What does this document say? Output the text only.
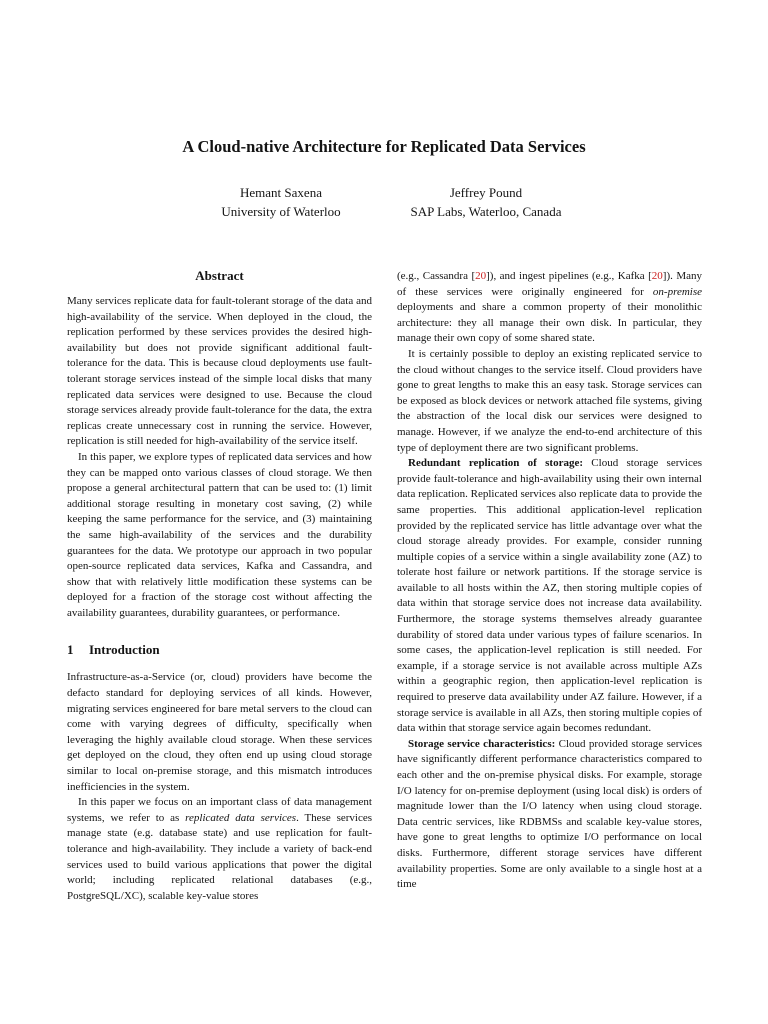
A Cloud-native Architecture for Replicated Data Services
Hemant Saxena
University of Waterloo
Jeffrey Pound
SAP Labs, Waterloo, Canada
Abstract

Many services replicate data for fault-tolerant storage of the data and high-availability of the service. When deployed in the cloud, the replication performed by these services provides the desired high-availability but does not provide significant additional fault-tolerance for the data. This is because cloud deployments use fault-tolerant storage services instead of the simple local disks that many replicated data services were designed to use. Because the cloud storage services already provide fault-tolerance for the data, the extra replicas create unnecessary cost in running the service. However, replication is still needed for high-availability of the service itself.

In this paper, we explore types of replicated data services and how they can be mapped onto various classes of cloud storage. We then propose a general architectural pattern that can be used to: (1) limit additional storage resulting in monetary cost saving, (2) while keeping the same performance for the service, and (3) maintaining the same high-availability of the services and the durability guarantees for the data. We prototype our approach in two popular open-source replicated data services, Kafka and Cassandra, and show that with relatively little modification these systems can be deployed for a fraction of the storage cost without affecting the availability guarantees, durability guarantees, or performance.

1 Introduction

Infrastructure-as-a-Service (or, cloud) providers have become the defacto standard for deploying services of all kinds. However, migrating services engineered for bare metal servers to the cloud can come with varying degrees of difficulty, specifically when leveraging the highly available cloud storage. When these services get deployed on the cloud, they often end up using cloud storage similar to local on-premise storage, and this mismatch introduces inefficiencies in the system.

In this paper we focus on an important class of data management systems, we refer to as replicated data services. These services manage state (e.g. database state) and use replication for fault-tolerance and high-availability. They include a variety of back-end services used to build various applications that power the digital world; including replicated relational databases (e.g., PostgreSQL/XC), scalable key-value stores

(e.g., Cassandra [20]), and ingest pipelines (e.g., Kafka [20]). Many of these services were originally engineered for on-premise deployments and share a common property of their monolithic architecture: they all manage their own disk. In particular, they manage their own copy of some shared state.

It is certainly possible to deploy an existing replicated service to the cloud without changes to the service itself. Cloud providers have gone to great lengths to make this an easy task. Storage services can be exposed as block devices or network attached file systems, giving the abstraction of the local disk our services were designed to manage. However, if we analyze the end-to-end architecture of this type of deployment there are two significant problems.

Redundant replication of storage: Cloud storage services provide fault-tolerance and high-availability using their own internal data replication. Replicated services also replicate data to provide the same properties. This additional application-level replication provided by the replicated service has little advantage over what the cloud storage already provides. For example, consider running multiple copies of a service within a single availability zone (AZ) to tolerate host failure or network partitions. If the storage service is available to all hosts within the AZ, then storing multiple copies of data within that storage service does not increase data availability. Furthermore, the storage systems themselves already guarantee durability of stored data under various types of failure scenarios. In some cases, the application-level replication is still needed. For example, if a storage service is not available across multiple AZs within a geographic region, then application-level replication is required to preserve data availability under AZ failure. However, if a storage service is available in all AZs, then storing multiple copies of data within that storage service again becomes redundant.

Storage service characteristics: Cloud provided storage services have significantly different performance characteristics compared to each other and the on-premise physical disks. For example, storage I/O latency for on-premise deployment (using local disk) is orders of magnitude lower than the I/O latency when using cloud storage. Data centric services, like RDBMSs and scalable key-value stores, have gone to great lengths to optimize I/O performance on local disks. Furthermore, different storage services have different availability properties. Some are only available to a single host at a time
